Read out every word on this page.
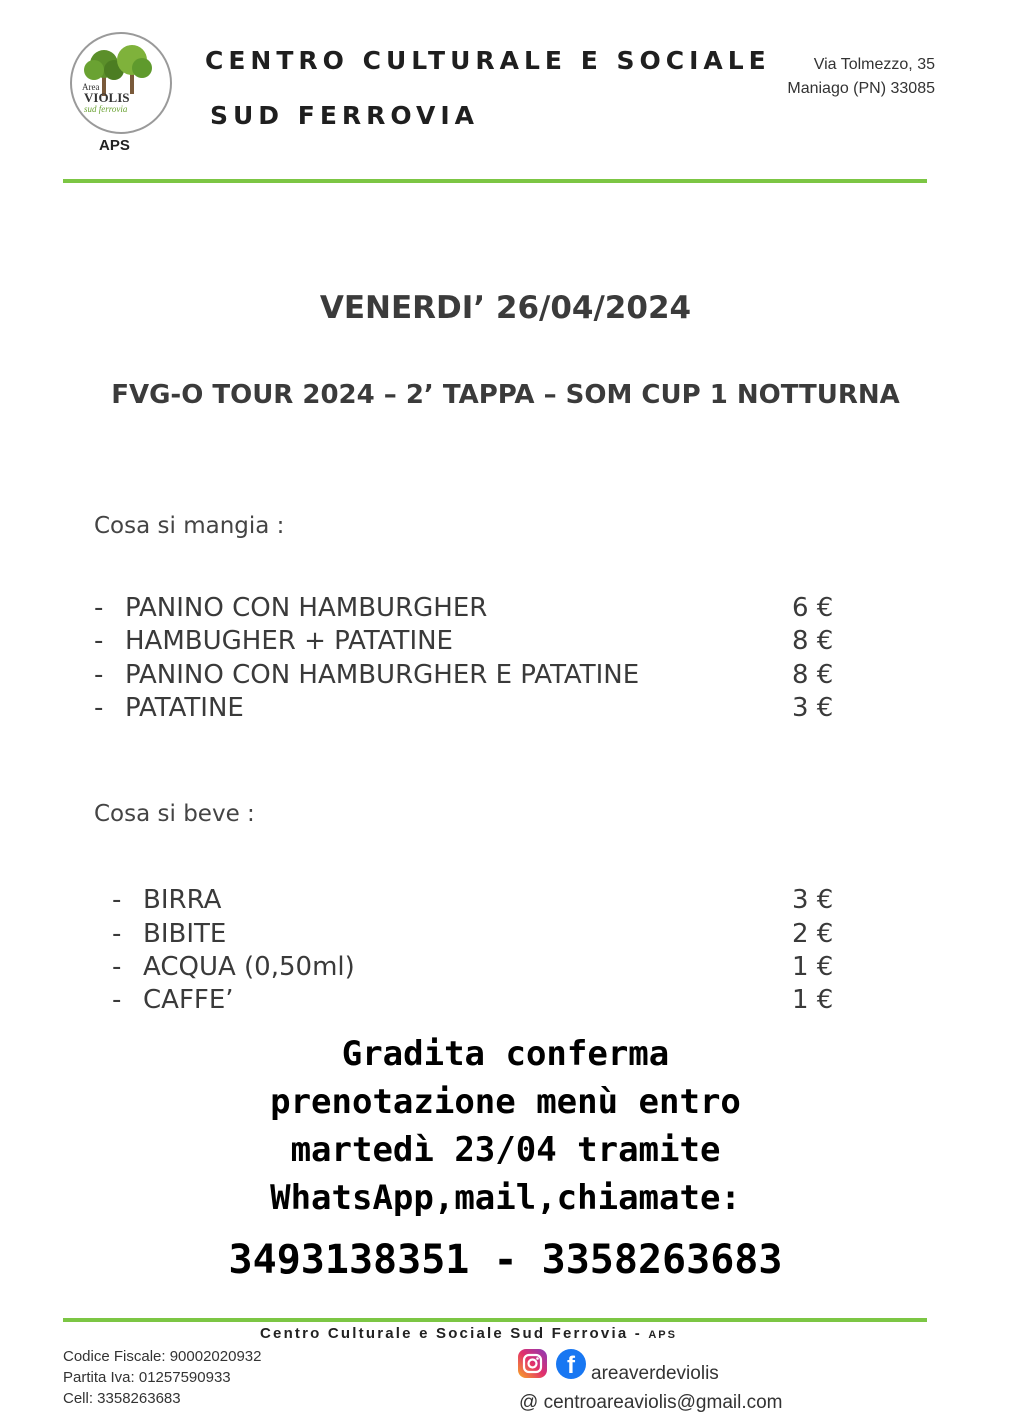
Area
VIOLIS
sud ferrovia
APS
CENTRO CULTURALE E SOCIALE
SUD FERROVIA
Via Tolmezzo, 35
Maniago (PN) 33085
VENERDI’ 26/04/2024
FVG-O TOUR 2024 – 2’ TAPPA – SOM CUP 1 NOTTURNA
Cosa si mangia :
- PANINO CON HAMBURGHER	6 €
- HAMBUGHER + PATATINE	8 €
- PANINO CON HAMBURGHER E PATATINE	8 €
- PATATINE	3 €
Cosa si beve :
- BIRRA	3 €
- BIBITE	2 €
- ACQUA (0,50ml)	1 €
- CAFFE’	1 €
Gradita conferma
prenotazione menù entro
martedì 23/04 tramite
WhatsApp,mail,chiamate:
3493138351 - 3358263683
Centro Culturale e Sociale Sud Ferrovia - APS
Codice Fiscale: 90002020932
Partita Iva: 01257590933
Cell: 3358263683
f areaverdeviolis
@ centroareaviolis@gmail.com
